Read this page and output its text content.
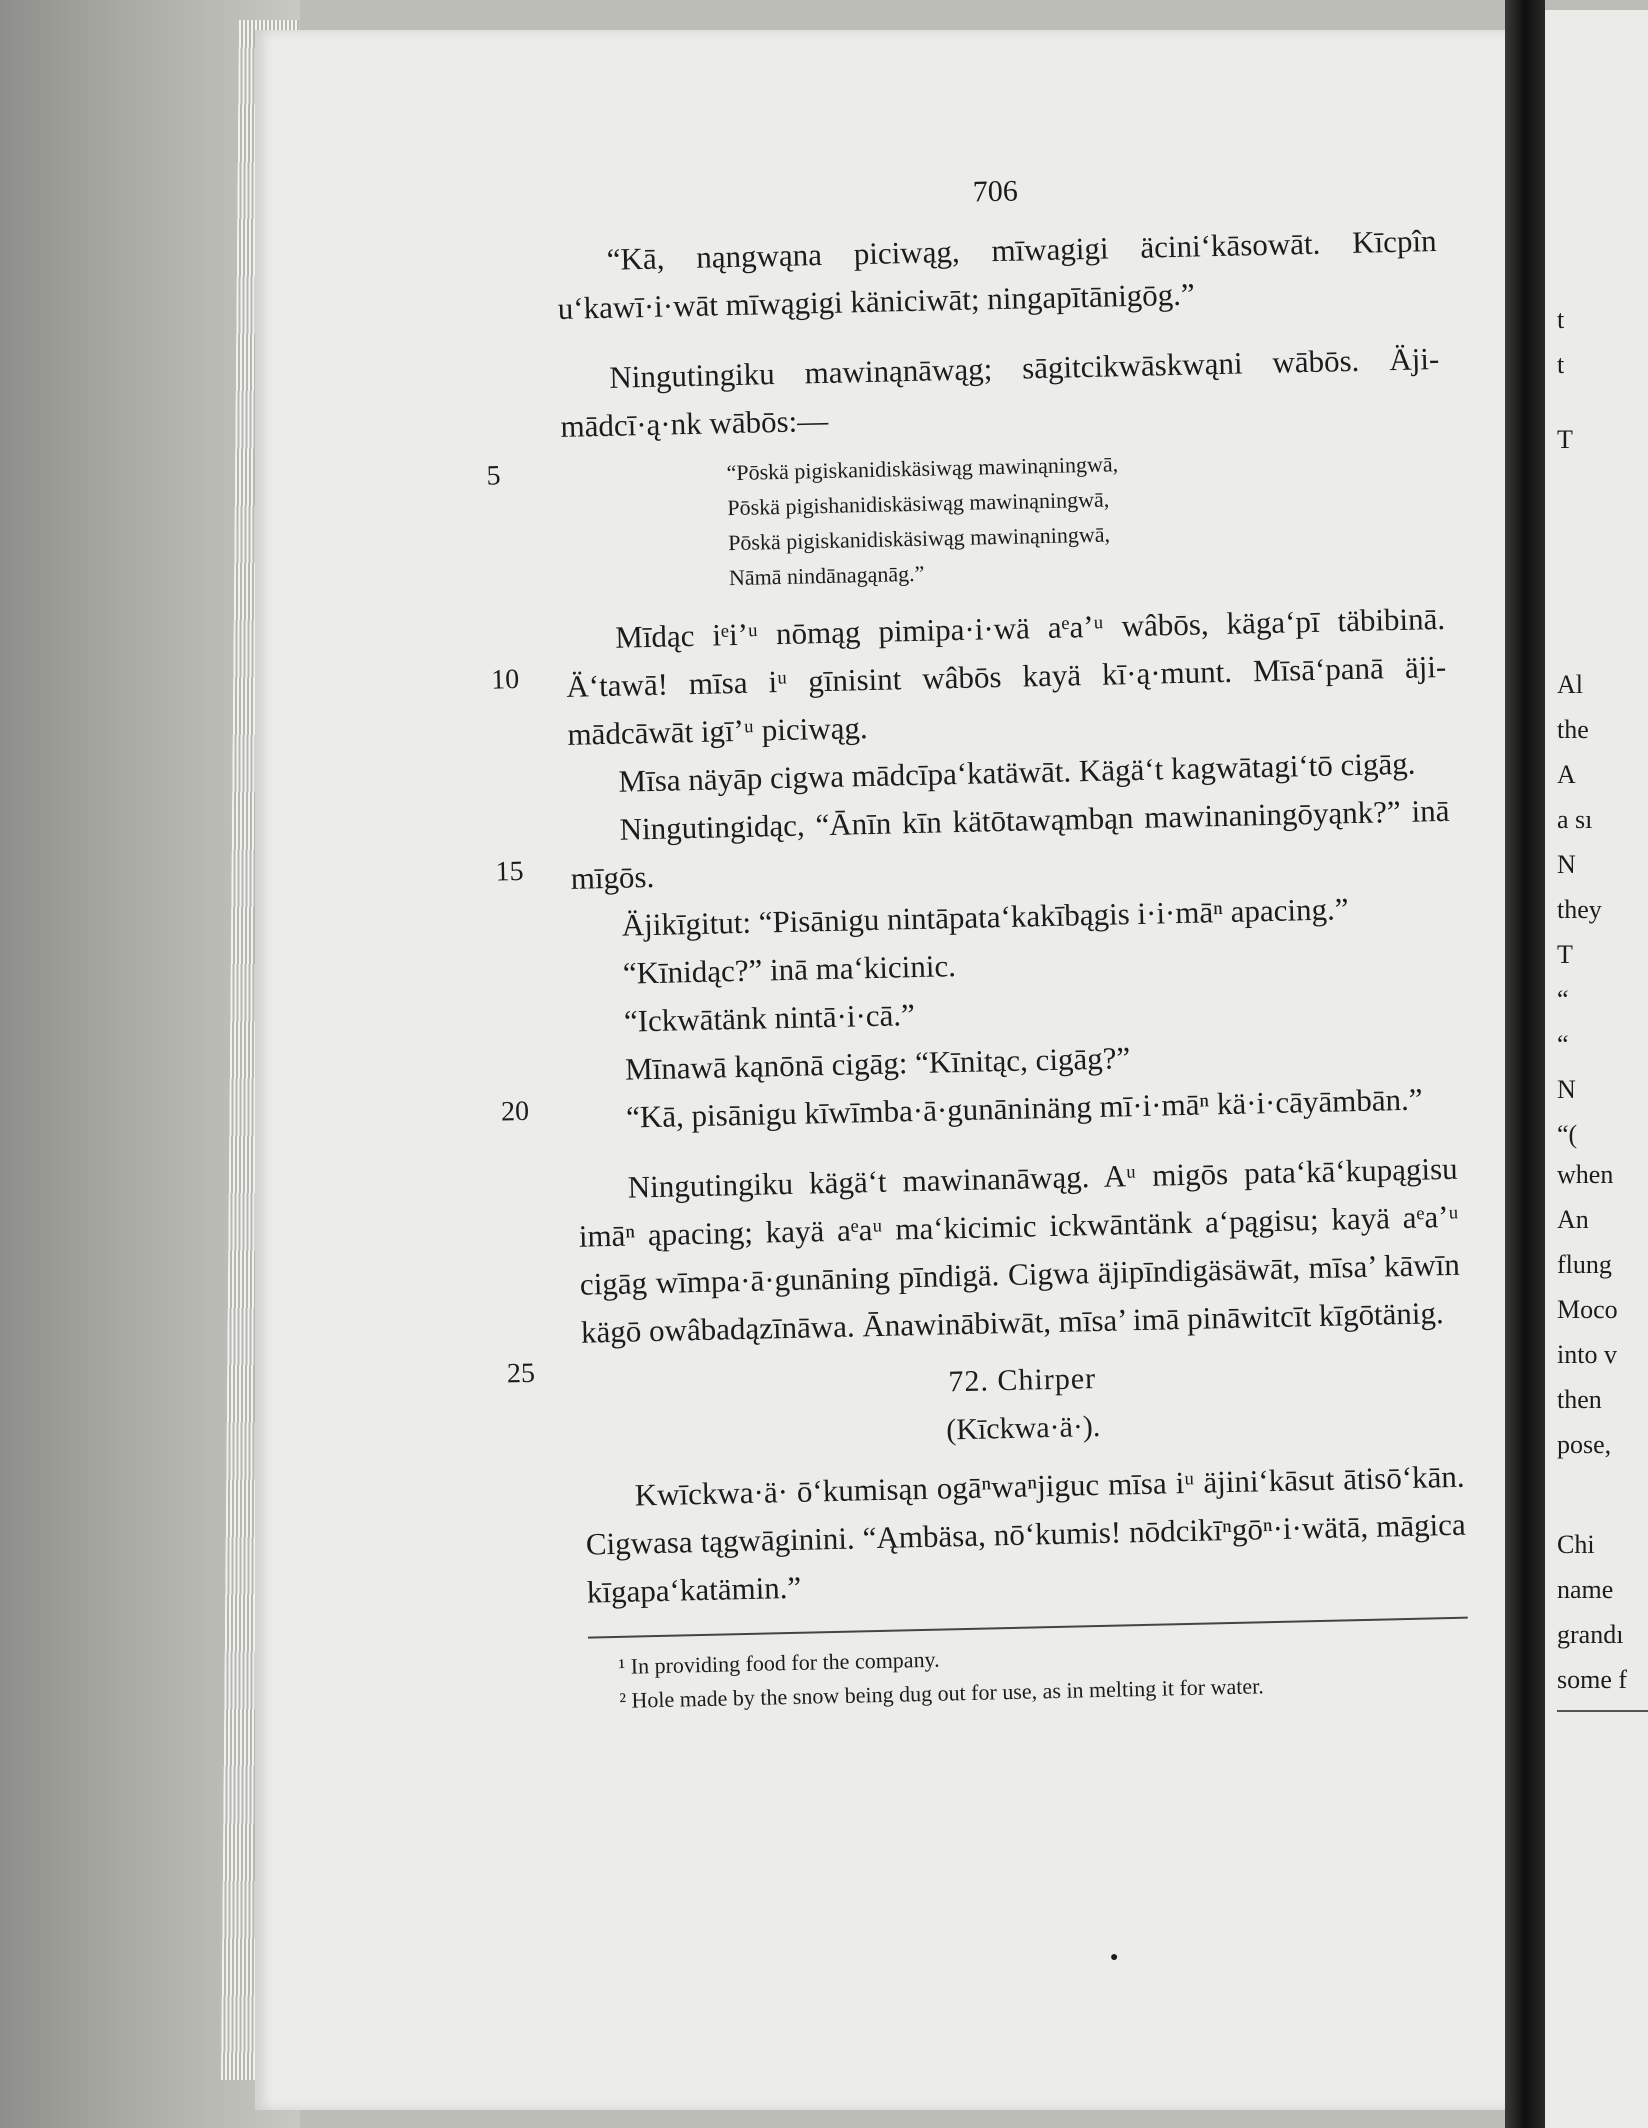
t
t
T
Al
the
A
a sı
N
they
T
“
“
N
“(
when
An
flung
Moco
into v
then
pose,
Chi
name
grandı
some f
706

“Kā, nąngwąna piciwąg, mīwagigi äcini‘kāsowāt. Kīcpîn u‘kawī·i·wāt mīwągigi käniciwāt; ningapītānigōg.”

Ningutingiku mawinąnāwąg; sāgitcikwāskwąni wābōs. Äjimādcī·ą·nk wābōs:—

5	“Pōskä pigiskanidiskäsiwąg mawinąningwā,
Pōskä pigishanidiskäsiwąg mawinąningwā,
Pōskä pigiskanidiskäsiwąg mawinąningwā,
Nāmā nindānagąnāg.”
10

Mīdąc iᵉi’ᵘ nōmąg pimipa·i·wä aᵉa’ᵘ wâbōs, käga‘pī täbibinā. Ä‘tawā! mīsa iᵘ gīnisint wâbōs kayä kī·ą·munt. Mīsā‘panā äjimādcāwāt igī’ᵘ piciwąg.

Mīsa näyāp cigwa mādcīpa‘katäwāt. Kägä‘t kagwātagi‘tō cigāg.

15

Ningutingidąc, “Ānīn kīn kätōtawąmbąn mawinaningōyąnk?” inā mīgōs.

Äjikīgitut: “Pisānigu nintāpata‘kakībągis i·i·māⁿ apacing.”

“Kīnidąc?” inā ma‘kicinic.

“Ickwātänk nintā·i·cā.”

Mīnawā kąnōnā cigāg: “Kīnitąc, cigāg?”

20	“Kā, pisānigu kīwīmba·ā·gunāninäng mī·i·māⁿ kä·i·cāyāmbān.”

25

Ningutingiku kägä‘t mawinanāwąg. Aᵘ migōs pata‘kā‘kupągisu imāⁿ ąpacing; kayä aᵉaᵘ ma‘kicimic ickwāntänk a‘pągisu; kayä aᵉa’ᵘ cigāg wīmpa·ā·gunāning pīndigä. Cigwa äjipīndigäsäwāt, mīsa’ kāwīn kägō owâbadązīnāwa. Ānawinābiwāt, mīsa’ imā pināwitcīt kīgōtänig.

72. Chirper
(Kīckwa·ä·).

Kwīckwa·ä· ō‘kumisąn ogāⁿwaⁿjiguc mīsa iᵘ äjini‘kāsut ātisō‘kān. Cigwasa tągwāginini. “Ąmbäsa, nō‘kumis! nōdcikīⁿgōⁿ·i·wätā, māgica kīgapa‘katämin.”

¹ In providing food for the company.
² Hole made by the snow being dug out for use, as in melting it for water.
●
